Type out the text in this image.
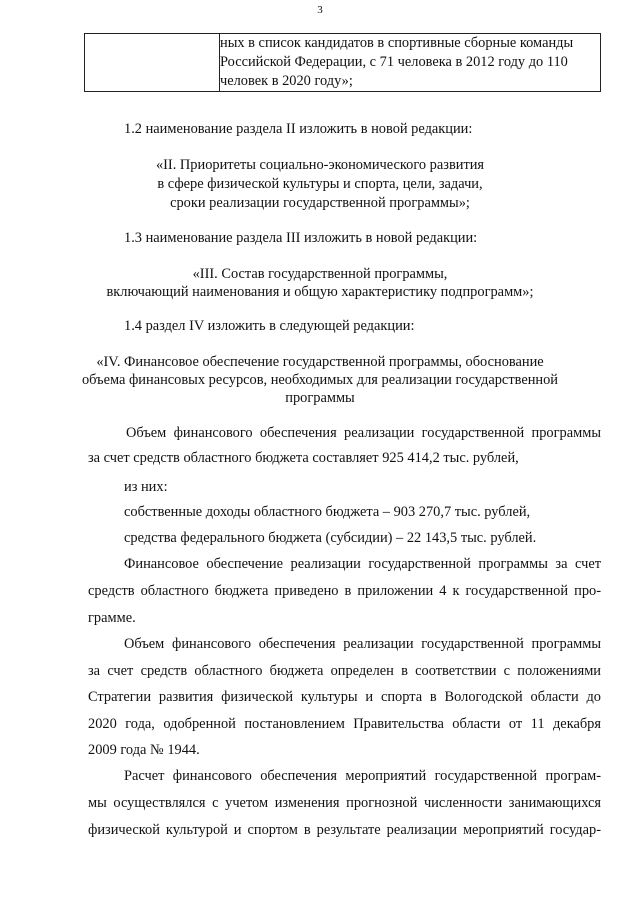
3

ных в список кандидатов в спортивные сборные команды
Российской Федерации, с 71 человека в 2012 году до 110
человек в 2020 году»;
1.2 наименование раздела II изложить в новой редакции:
«II. Приоритеты социально-экономического развития
в сфере физической культуры и спорта, цели, задачи,
сроки реализации государственной программы»;
1.3 наименование раздела III изложить в новой редакции:
«III. Состав государственной программы,
включающий наименования и общую характеристику подпрограмм»;
1.4 раздел IV изложить в следующей редакции:
«IV. Финансовое обеспечение государственной программы, обоснование
объема финансовых ресурсов, необходимых для реализации государственной
программы
Объем финансового обеспечения реализации государственной программы
за счет средств областного бюджета составляет 925 414,2 тыс. рублей,
из них:
собственные доходы областного бюджета – 903 270,7 тыс. рублей,
средства федерального бюджета (субсидии) – 22 143,5 тыс. рублей.
Финансовое обеспечение реализации государственной программы за счет
средств областного бюджета приведено в приложении 4 к государственной про-
грамме.
Объем финансового обеспечения реализации государственной программы
за счет средств областного бюджета определен в соответствии с положениями
Стратегии развития физической культуры и спорта в Вологодской области до
2020 года, одобренной постановлением Правительства области от 11 декабря
2009 года № 1944.
Расчет финансового обеспечения мероприятий государственной програм-
мы осуществлялся с учетом изменения прогнозной численности занимающихся
физической культурой и спортом в результате реализации мероприятий государ-
